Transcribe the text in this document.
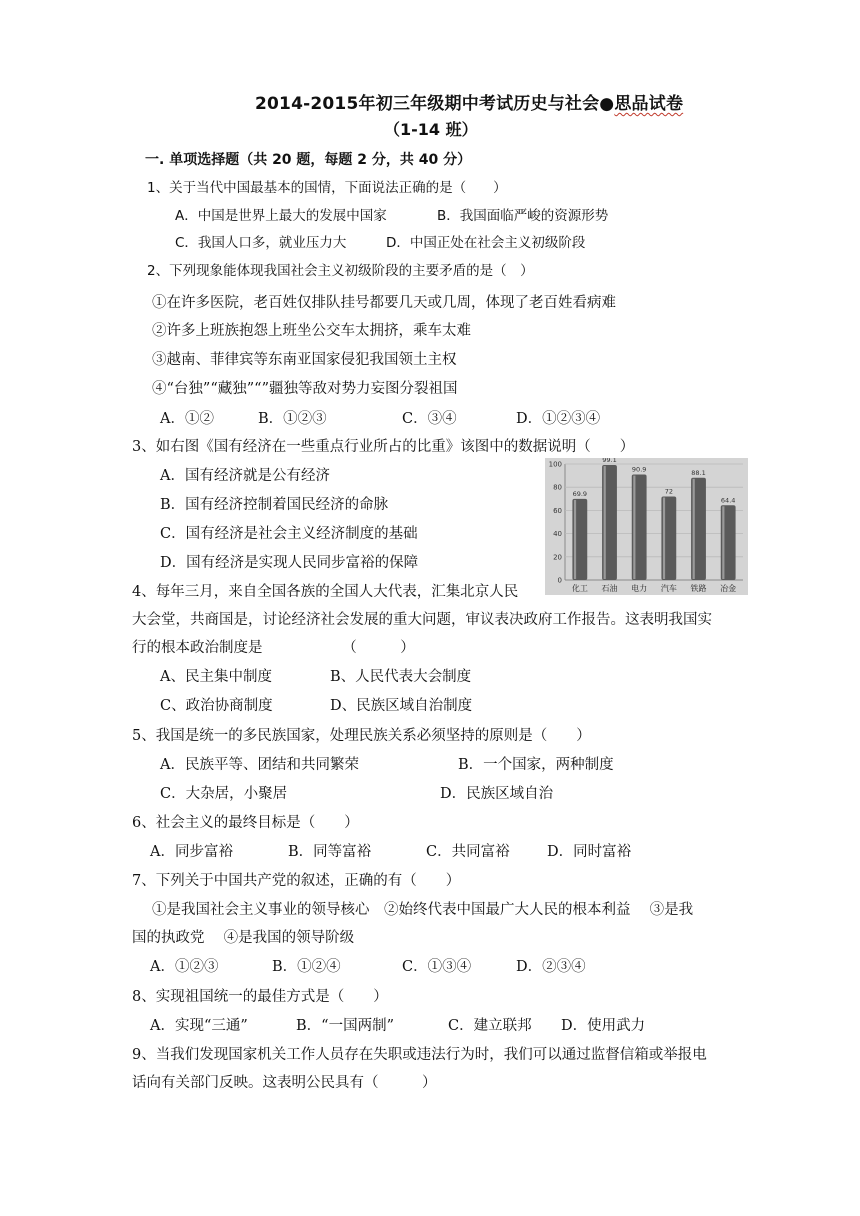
2014-2015年初三年级期中考试历史与社会●思品试卷
（1-14 班）
一. 单项选择题（共 20 题，每题 2 分，共 40 分）
1、关于当代中国最基本的国情，下面说法正确的是（　　）
A．中国是世界上最大的发展中国家	B．我国面临严峻的资源形势
C．我国人口多，就业压力大	D．中国正处在社会主义初级阶段
2、下列现象能体现我国社会主义初级阶段的主要矛盾的是（　）
①在许多医院，老百姓仅排队挂号都要几天或几周，体现了老百姓看病难
②许多上班族抱怨上班坐公交车太拥挤，乘车太难
③越南、菲律宾等东南亚国家侵犯我国领土主权
④“台独”“藏独”“”疆独等敌对势力妄图分裂祖国
A．①②	B．①②③	C．③④	D．①②③④
3、如右图《国有经济在一些重点行业所占的比重》该图中的数据说明（　　）
A．国有经济就是公有经济
B．国有经济控制着国民经济的命脉
C．国有经济是社会主义经济制度的基础
D．国有经济是实现人民同步富裕的保障
0
20
40
60
80
100
69.9
化工
99.1
石油
90.9
电力
72
汽车
88.1
铁路
64.4
冶金
4、每年三月，来自全国各族的全国人大代表，汇集北京人民
大会堂，共商国是，讨论经济社会发展的重大问题，审议表决政府工作报告。这表明我国实
行的根本政治制度是　　　　　　（　　　）
A、民主集中制度	B、人民代表大会制度
C、政治协商制度	D、民族区域自治制度
5、我国是统一的多民族国家，处理民族关系必须坚持的原则是（　　）
A．民族平等、团结和共同繁荣	B．一个国家，两种制度
C．大杂居，小聚居	D．民族区域自治
6、社会主义的最终目标是（　　）
A．同步富裕	B．同等富裕	C．共同富裕	D．同时富裕
7、下列关于中国共产党的叙述，正确的有（　　）
①是我国社会主义事业的领导核心　②始终代表中国最广大人民的根本利益　 ③是我
国的执政党　 ④是我国的领导阶级
A．①②③	B．①②④	C．①③④	D．②③④
8、实现祖国统一的最佳方式是（　　）
A．实现“三通”	B．“一国两制”	C．建立联邦 D．使用武力
9、当我们发现国家机关工作人员存在失职或违法行为时，我们可以通过监督信箱或举报电
话向有关部门反映。这表明公民具有（　　　）
